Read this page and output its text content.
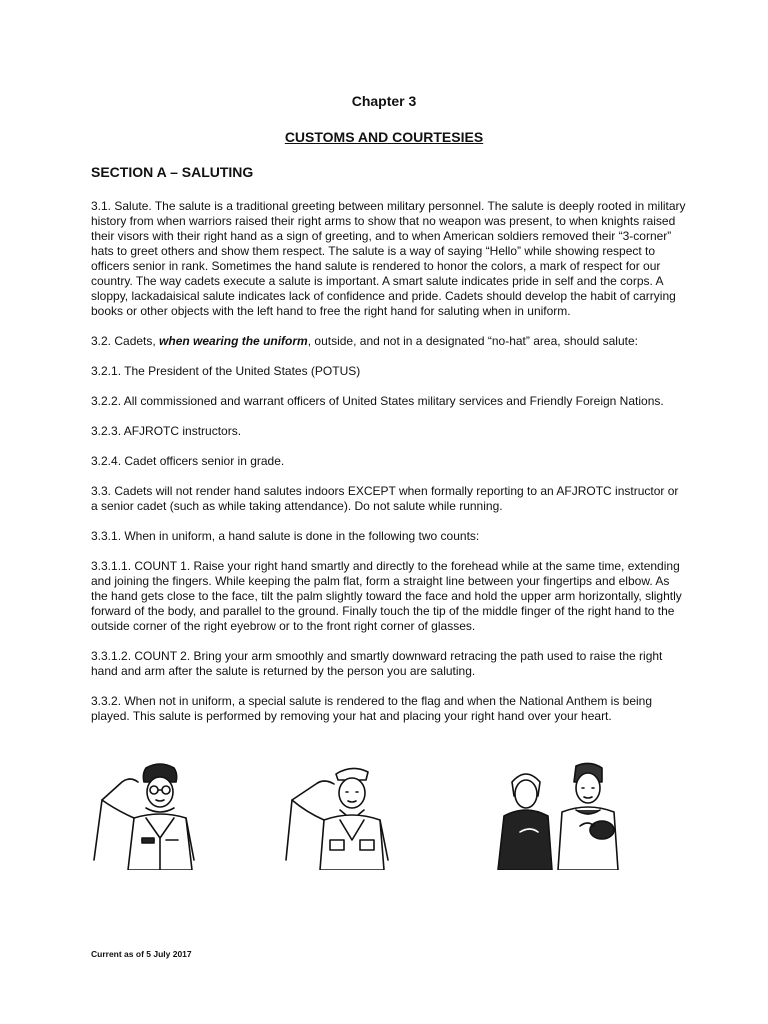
Chapter 3
CUSTOMS AND COURTESIES
SECTION A – SALUTING

3.1. Salute. The salute is a traditional greeting between military personnel. The salute is deeply rooted in military history from when warriors raised their right arms to show that no weapon was present, to when knights raised their visors with their right hand as a sign of greeting, and to when American soldiers removed their “3-corner” hats to greet others and show them respect. The salute is a way of saying “Hello” while showing respect to officers senior in rank. Sometimes the hand salute is rendered to honor the colors, a mark of respect for our country. The way cadets execute a salute is important. A smart salute indicates pride in self and the corps. A sloppy, lackadaisical salute indicates lack of confidence and pride. Cadets should develop the habit of carrying books or other objects with the left hand to free the right hand for saluting when in uniform.

3.2. Cadets, when wearing the uniform, outside, and not in a designated “no-hat” area, should salute:

3.2.1. The President of the United States (POTUS)

3.2.2. All commissioned and warrant officers of United States military services and Friendly Foreign Nations.

3.2.3. AFJROTC instructors.

3.2.4. Cadet officers senior in grade.

3.3. Cadets will not render hand salutes indoors EXCEPT when formally reporting to an AFJROTC instructor or a senior cadet (such as while taking attendance). Do not salute while running.

3.3.1. When in uniform, a hand salute is done in the following two counts:

3.3.1.1. COUNT 1. Raise your right hand smartly and directly to the forehead while at the same time, extending and joining the fingers. While keeping the palm flat, form a straight line between your fingertips and elbow. As the hand gets close to the face, tilt the palm slightly toward the face and hold the upper arm horizontally, slightly forward of the body, and parallel to the ground. Finally touch the tip of the middle finger of the right hand to the outside corner of the right eyebrow or to the front right corner of glasses.

3.3.1.2. COUNT 2. Bring your arm smoothly and smartly downward retracing the path used to raise the right hand and arm after the salute is returned by the person you are saluting.

3.3.2. When not in uniform, a special salute is rendered to the flag and when the National Anthem is being played. This salute is performed by removing your hat and placing your right hand over your heart.

Current as of 5 July 2017
